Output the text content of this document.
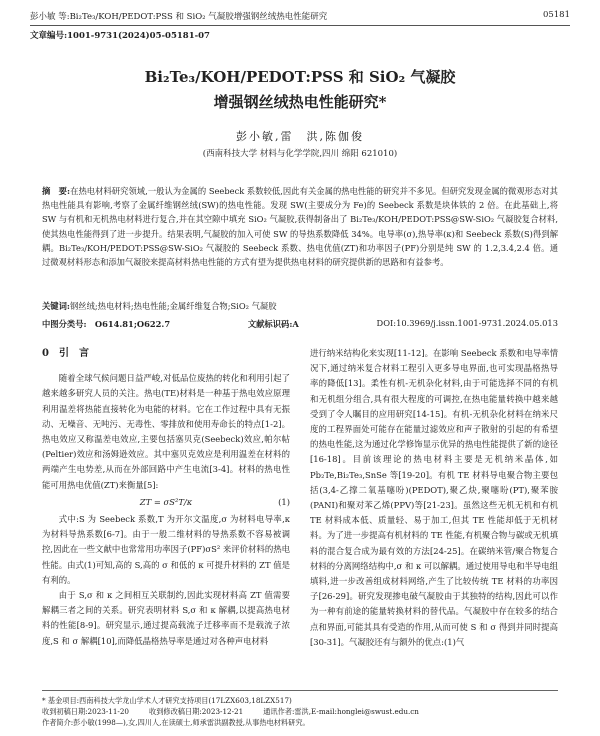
彭小敏 等:Bi₂Te₃/KOH/PEDOT:PSS 和 SiO₂ 气凝胶增强钢丝绒热电性能研究	05181
文章编号:1001-9731(2024)05-05181-07
Bi₂Te₃/KOH/PEDOT:PSS 和 SiO₂ 气凝胶
增强钢丝绒热电性能研究*
彭小敏,雷　洪,陈伽俊
(西南科技大学 材料与化学学院,四川 绵阳 621010)
摘　要:在热电材料研究领域,一般认为金属的 Seebeck 系数较低,因此有关金属的热电性能的研究并不多见。但研究发现金属的微观形态对其热电性能具有影响,考察了金属纤维钢丝绒(SW)的热电性能。发现 SW(主要成分为 Fe)的 Seebeck 系数是块体铁的 2 倍。在此基础上,将 SW 与有机和无机热电材料进行复合,并在其空隙中填充 SiO₂ 气凝胶,获得制备出了 Bi₂Te₃/KOH/PEDOT:PSS@SW-SiO₂ 气凝胶复合材料,使其热电性能得到了进一步提升。结果表明,气凝胶的加入可使 SW 的导热系数降低 34%。电导率(σ),热导率(κ)和 Seebeck 系数(S)得到解耦。Bi₂Te₃/KOH/PEDOT:PSS@SW-SiO₂ 气凝胶的 Seebeck 系数、热电优值(ZT)和功率因子(PF)分别是纯 SW 的 1.2,3.4,2.4 倍。通过微观材料形态和添加气凝胶来提高材料热电性能的方式有望为提供热电材料的研究提供新的思路和有益参考。
关键词:钢丝绒;热电材料;热电性能;金属纤维复合物;SiO₂ 气凝胶
中图分类号:　O614.81;O622.7	文献标识码:A	DOI:10.3969/j.issn.1001-9731.2024.05.013

0　引　言

随着全球气候问题日益严峻,对低品位废热的转化和利用引起了越来越多研究人员的关注。热电(TE)材料是一种基于热电效应原理利用温差将热能直接转化为电能的材料。它在工作过程中具有无振动、无噪音、无吨污、无毒性、零排放和使用寿命长的特点[1-2]。热电效应又称温差电效应,主要包括塞贝克(Seebeck)效应,帕尔帖(Peltier)效应和汤姆逊效应。其中塞贝克效应是利用温差在材料的两端产生电势差,从而在外部回路中产生电流[3-4]。材料的热电性能可用热电优值(ZT)来衡量[5]:

ZT = σS²T/κ	(1)

式中:S 为 Seebeck 系数,T 为开尔文温度,σ 为材料电导率,κ 为材料导热系数[6-7]。由于一般二维材料的导热系数不容易被调控,因此在一些文献中也常常用功率因子(PF)σS² 来评价材料的热电性能。由式(1)可知,高的 S,高的 σ 和低的 κ 可提升材料的 ZT 值是有利的。

由于 S,σ 和 κ 之间相互关联制约,因此实现材料高 ZT 值需要解耦三者之间的关系。研究表明材料 S,σ 和 κ 解耦,以提高热电材料的性能[8-9]。研究显示,通过提高载流子迁移率而不是载流子浓度,S 和 σ 解耦[10],而降低晶格热导率是通过对各种声电材料

进行纳米结构化来实现[11-12]。在影响 Seebeck 系数和电导率情况下,通过纳米复合材料工程引入更多导电界面,也可实现晶格热导率的降低[13]。柔性有机-无机杂化材料,由于可能选择不同的有机和无机组分组合,具有很大程度的可调控,在热电能量转换中越来越受到了令人瞩目的应用研究[14-15]。有机-无机杂化材料在纳米尺度的工程界面处可能存在能量过滤效应和声子散射的引起的有希望的热电性能,这为通过化学修饰显示优异的热电性能提供了新的途径[16-18]。目前该理论的热电材料主要是无机纳米晶体,如 Pb₂Te,Bi₂Te₃,SnSe 等[19-20]。有机 TE 材料导电聚合物主要包括(3,4-乙撑二氧基噻吩)(PEDOT),聚乙炔,聚噻吩(PT),聚苯胺(PANI)和聚对苯乙烯(PPV)等[21-23]。虽然这些无机无机和有机 TE 材料成本低、质量轻、易于加工,但其 TE 性能却低于无机材料。为了进一步提高有机材料的 TE 性能,有机聚合物与碳或无机填料的混合复合成为最有效的方法[24-25]。在碳纳米管/聚合物复合材料的分离网络结构中,σ 和 κ 可以解耦。通过使用导电和半导电组填料,进一步改善组成材料网络,产生了比较传统 TE 材料的功率因子[26-29]。研究发现掺电破气凝胶由于其独特的结构,因此可以作为一种有前途的能量转换材料的替代品。气凝胶中存在较多的结合点和界面,可能其具有受造的作用,从而可使 S 和 σ 得到并同时提高[30-31]。气凝胶还有与额外的优点:(1)气

* 基金项目:西南科技大学龙山学术人才研究支持项目(17LZX603,18LZX517)
收到初稿日期:2023-11-20	收到修改稿日期:2023-12-21	通讯作者:雷洪,E-mail:honglei@swust.edu.cn
作者简介:彭小敏(1998—),女,四川人,在读硕士,师承雷洪副教授,从事热电材料研究。
